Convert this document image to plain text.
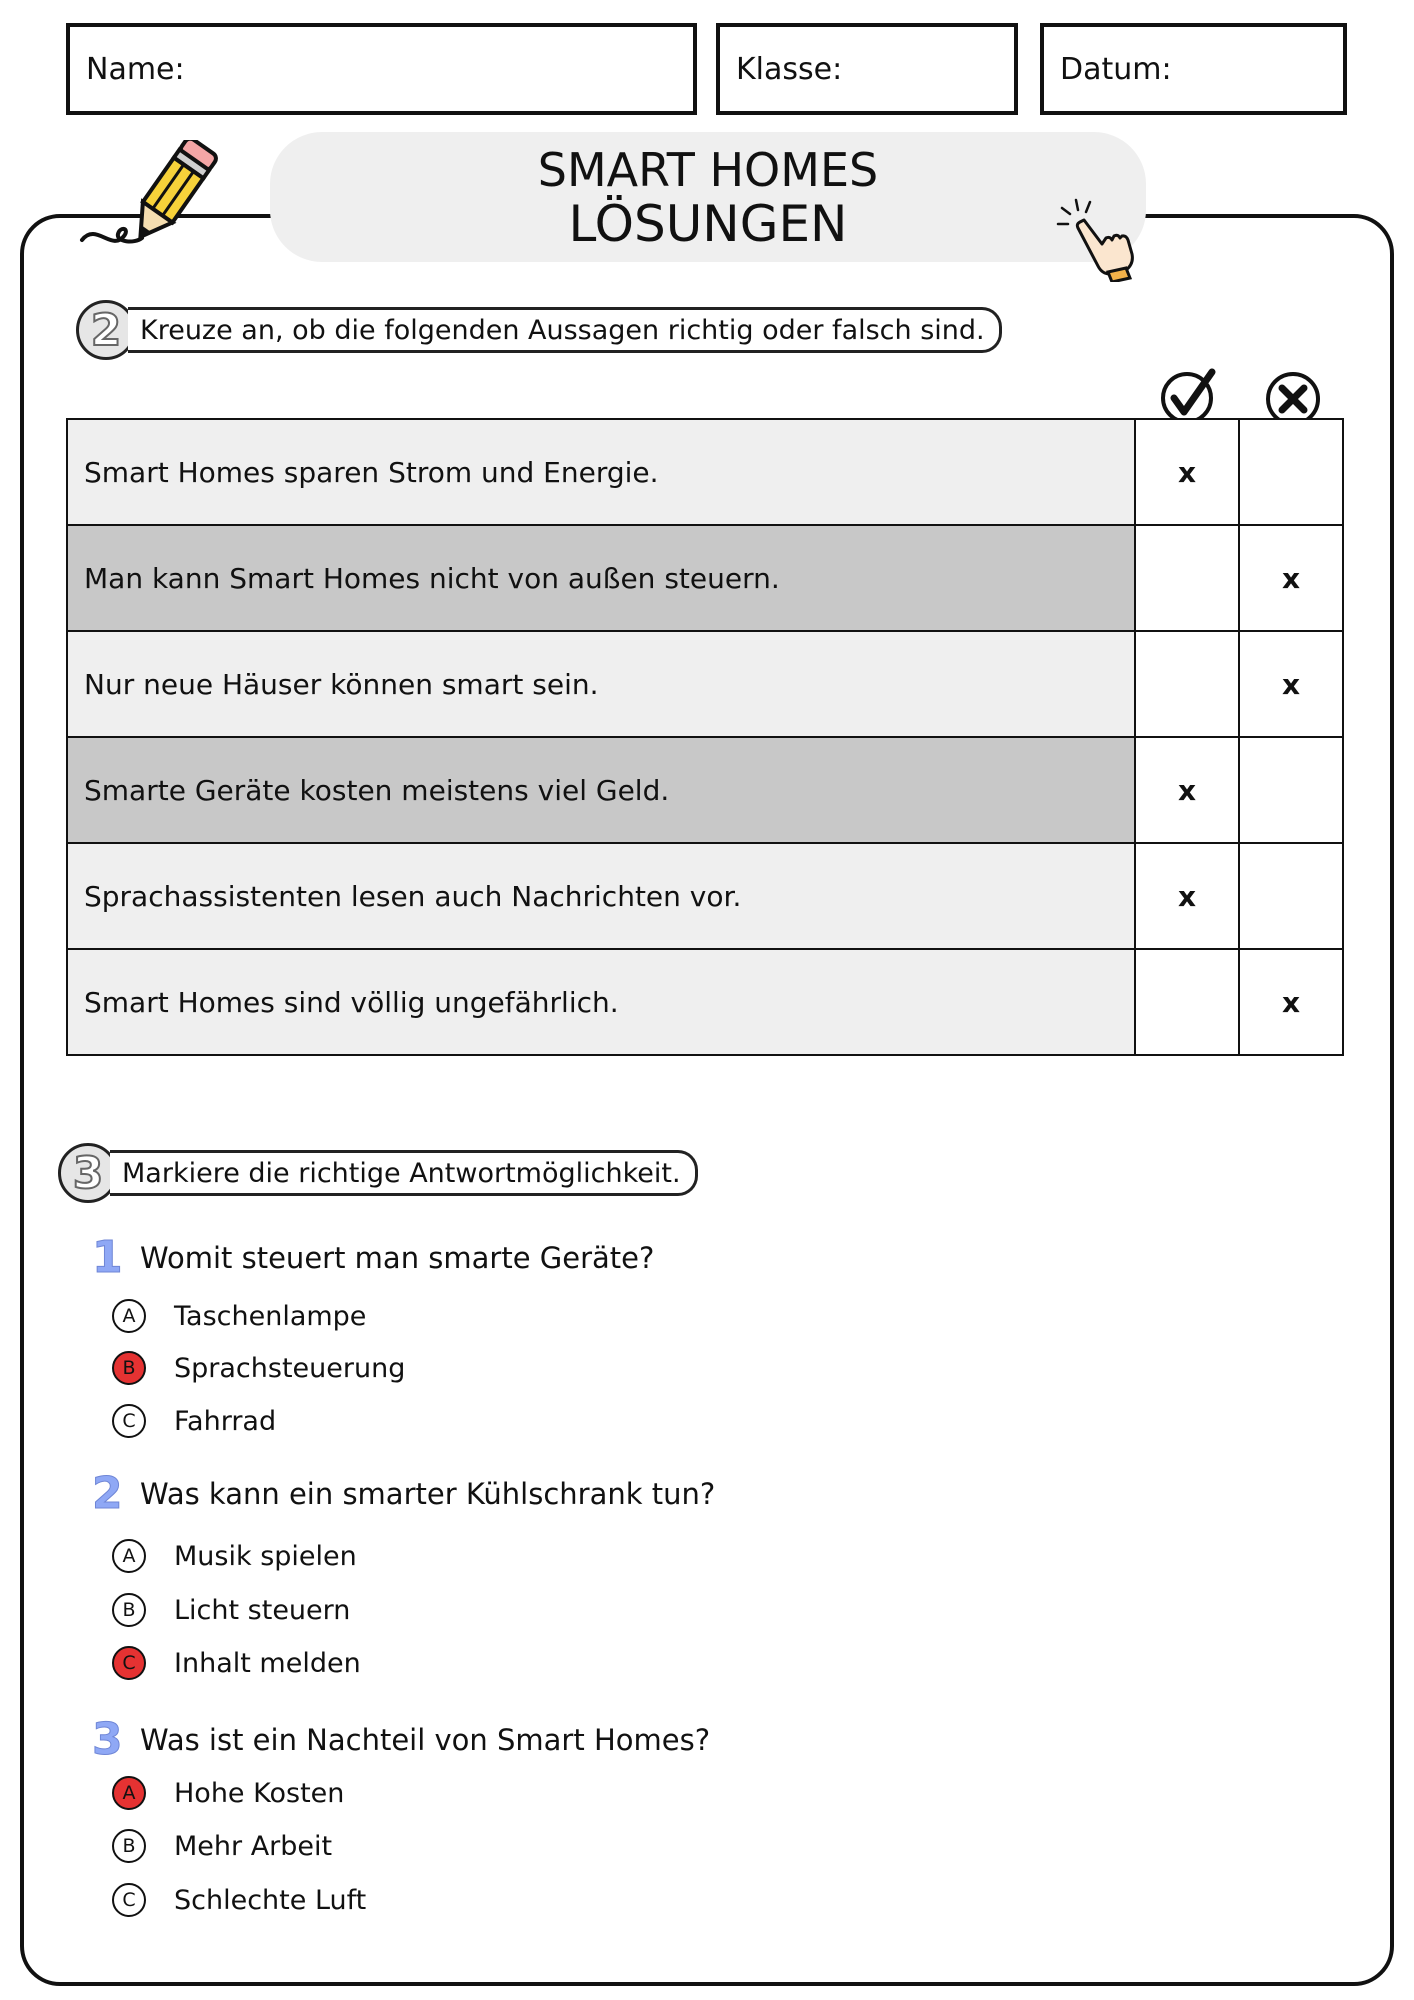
Name:	Klasse:	Datum:
SMART HOMES
LÖSUNGEN
2 Kreuze an, ob die folgenden Aussagen richtig oder falsch sind.
Smart Homes sparen Strom und Energie.	x	
Man kann Smart Homes nicht von außen steuern.		x
Nur neue Häuser können smart sein.		x
Smarte Geräte kosten meistens viel Geld.	x	
Sprachassistenten lesen auch Nachrichten vor.	x	
Smart Homes sind völlig ungefährlich.		x
3 Markiere die richtige Antwortmöglichkeit.
1 Womit steuert man smarte Geräte?
A	Taschenlampe
B	Sprachsteuerung
C	Fahrrad
2 Was kann ein smarter Kühlschrank tun?
A	Musik spielen
B	Licht steuern
C	Inhalt melden
3 Was ist ein Nachteil von Smart Homes?
A	Hohe Kosten
B	Mehr Arbeit
C	Schlechte Luft
